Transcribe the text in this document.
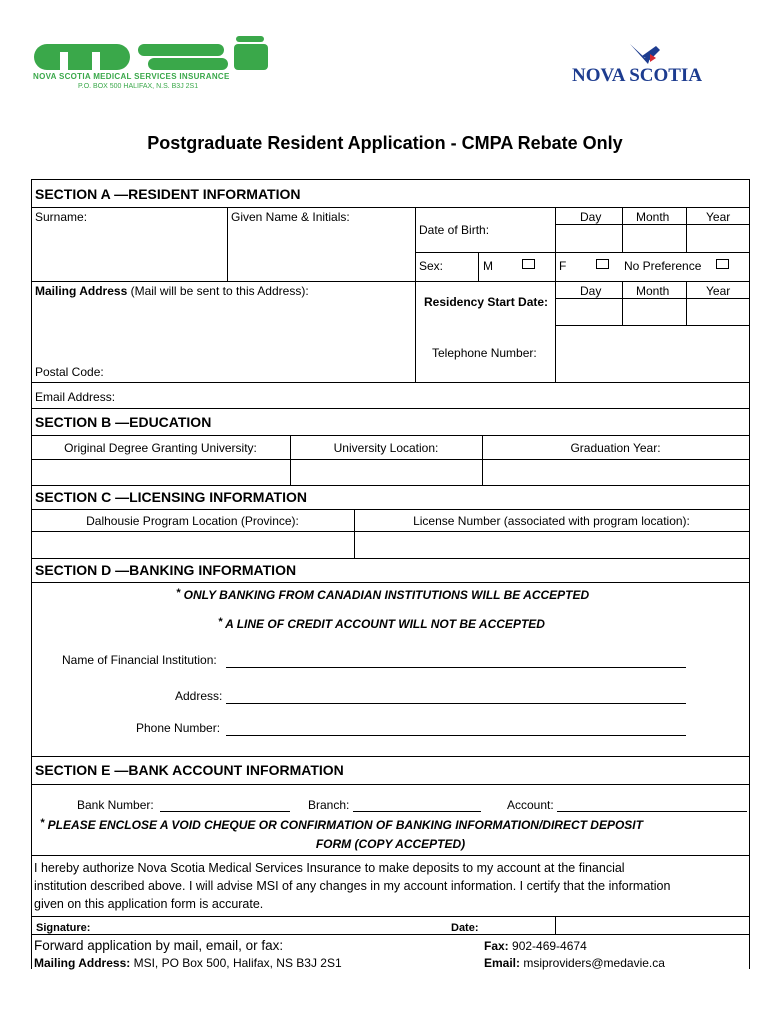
NOVA SCOTIA MEDICAL SERVICES INSURANCE
P.O. BOX 500 HALIFAX, N.S. B3J 2S1
NOVA SCOTIA
Postgraduate Resident Application - CMPA Rebate Only
SECTION A —RESIDENT INFORMATION
Surname:	Given Name & Initials:
Date of Birth:
Day	Month	Year
Sex:	M	F	No Preference
Mailing Address (Mail will be sent to this Address):
Residency Start Date:
Day	Month	Year
Telephone Number:
Postal Code:
Email Address:
SECTION B —EDUCATION
Original Degree Granting University:	University Location:	Graduation Year:
SECTION C —LICENSING INFORMATION
Dalhousie Program Location (Province):	License Number (associated with program location):
SECTION D —BANKING INFORMATION
* ONLY BANKING FROM CANADIAN INSTITUTIONS WILL BE ACCEPTED
* A LINE OF CREDIT ACCOUNT WILL NOT BE ACCEPTED
Name of Financial Institution:
Address:
Phone Number:
SECTION E —BANK ACCOUNT INFORMATION
Bank Number:	Branch:	Account:
* PLEASE ENCLOSE A VOID CHEQUE OR CONFIRMATION OF BANKING INFORMATION/DIRECT DEPOSIT
FORM (COPY ACCEPTED)
I hereby authorize Nova Scotia Medical Services Insurance to make deposits to my account at the financial
institution described above. I will advise MSI of any changes in my account information. I certify that the information
given on this application form is accurate.
Signature:	Date:
Forward application by mail, email, or fax:
Mailing Address: MSI, PO Box 500, Halifax, NS B3J 2S1
Fax: 902-469-4674
Email: msiproviders@medavie.ca
